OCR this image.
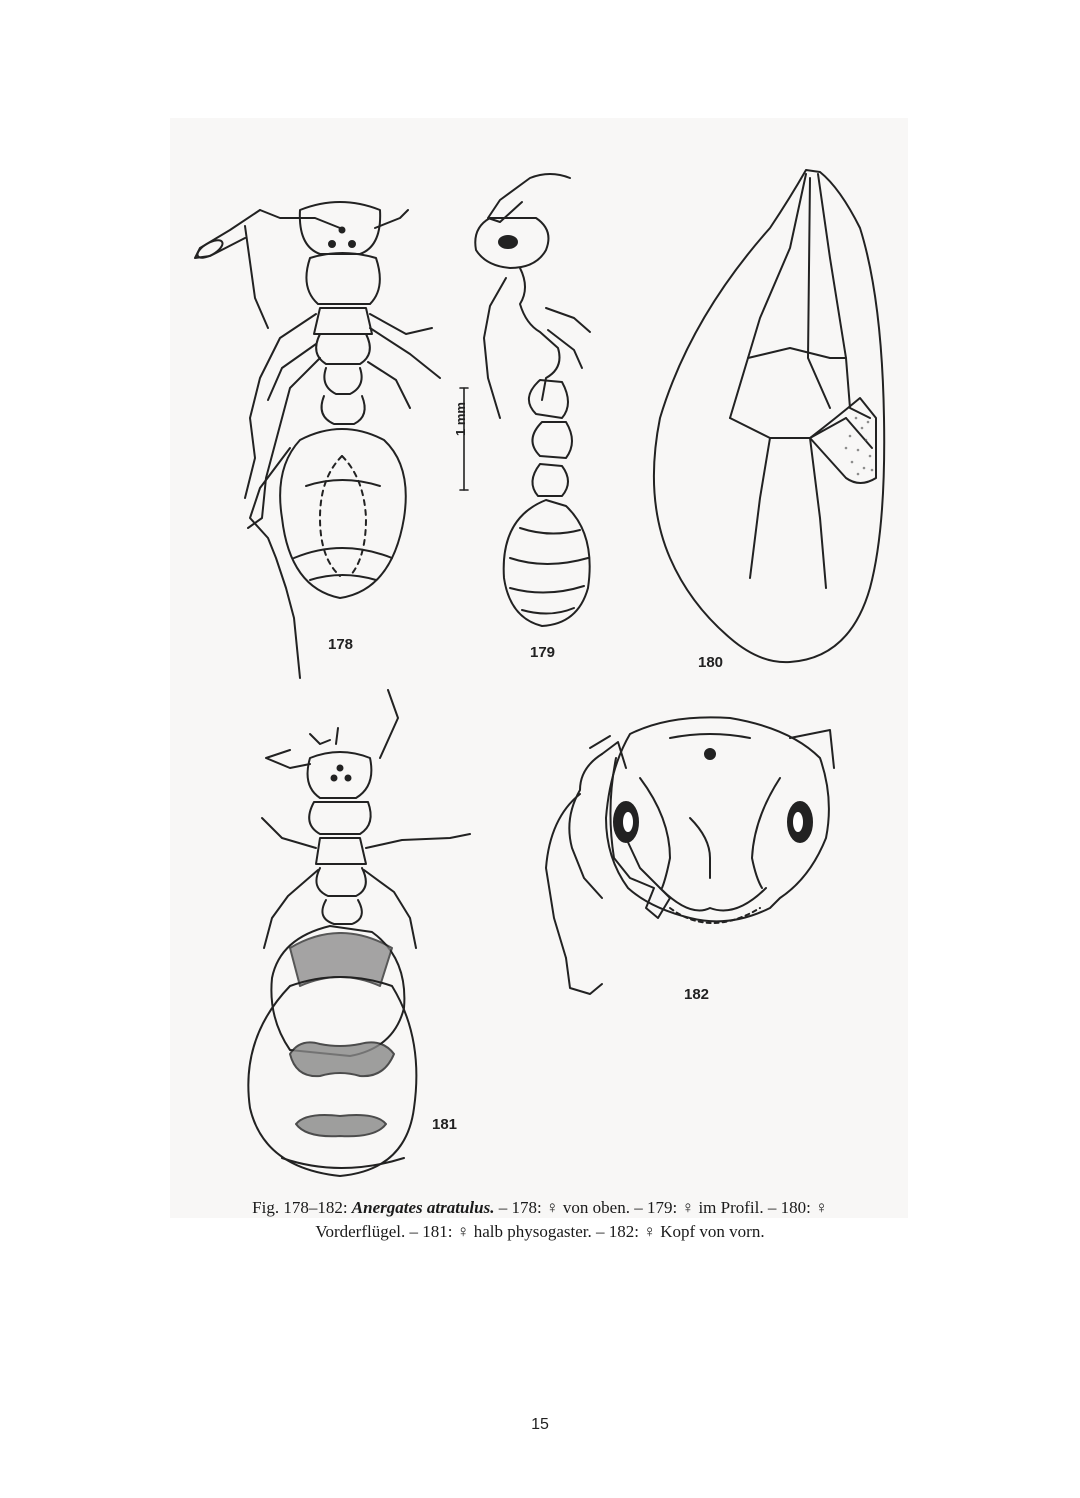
178	179
180
181
182
1 mm
Fig. 178–182: Anergates atratulus. – 178: ♀ von oben. – 179: ♀ im Profil. – 180: ♀
Vorderflügel. – 181: ♀ halb physogaster. – 182: ♀ Kopf von vorn.
15
